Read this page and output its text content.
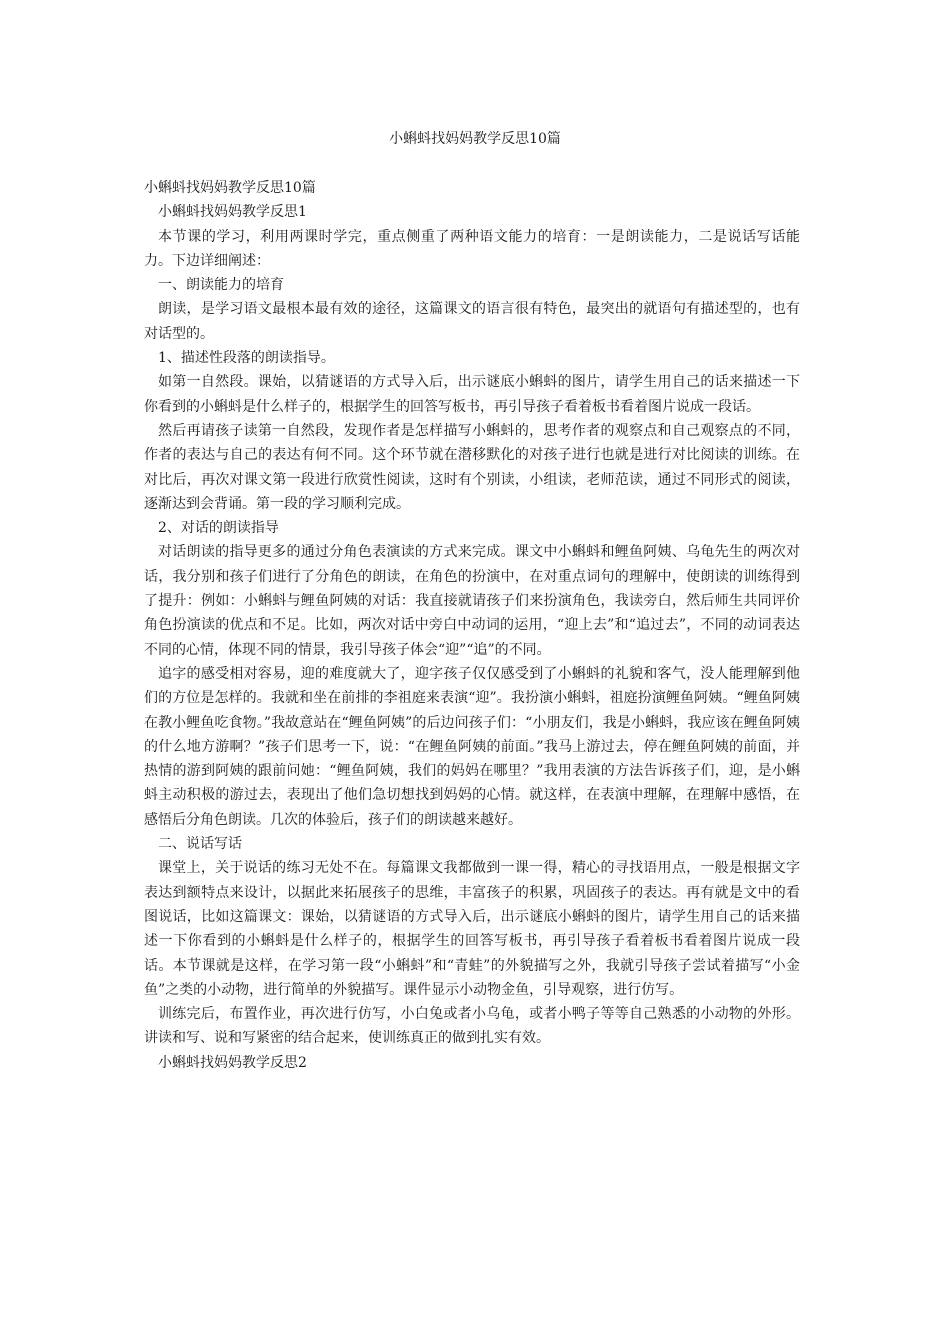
小蝌蚪找妈妈教学反思10篇

小蝌蚪找妈妈教学反思10篇

小蝌蚪找妈妈教学反思1

本节课的学习，利用两课时学完，重点侧重了两种语文能力的培育：一是朗读能力，二是说话写话能力。下边详细阐述：

一、朗读能力的培育

朗读，是学习语文最根本最有效的途径，这篇课文的语言很有特色，最突出的就语句有描述型的，也有对话型的。

1、描述性段落的朗读指导。

如第一自然段。课始，以猜谜语的方式导入后，出示谜底小蝌蚪的图片，请学生用自己的话来描述一下你看到的小蝌蚪是什么样子的，根据学生的回答写板书，再引导孩子看着板书看着图片说成一段话。

然后再请孩子读第一自然段，发现作者是怎样描写小蝌蚪的，思考作者的观察点和自己观察点的不同，作者的表达与自己的表达有何不同。这个环节就在潜移默化的对孩子进行也就是进行对比阅读的训练。在对比后，再次对课文第一段进行欣赏性阅读，这时有个别读，小组读，老师范读，通过不同形式的阅读，逐渐达到会背诵。第一段的学习顺利完成。

2、对话的朗读指导

对话朗读的指导更多的通过分角色表演读的方式来完成。课文中小蝌蚪和鲤鱼阿姨、乌龟先生的两次对话，我分别和孩子们进行了分角色的朗读，在角色的扮演中，在对重点词句的理解中，使朗读的训练得到了提升：例如：小蝌蚪与鲤鱼阿姨的对话：我直接就请孩子们来扮演角色，我读旁白，然后师生共同评价角色扮演读的优点和不足。比如，两次对话中旁白中动词的运用，“迎上去”和“追过去”，不同的动词表达不同的心情，体现不同的情景，我引导孩子体会“迎”“追”的不同。

追字的感受相对容易，迎的难度就大了，迎字孩子仅仅感受到了小蝌蚪的礼貌和客气，没人能理解到他们的方位是怎样的。我就和坐在前排的李祖庭来表演“迎”。我扮演小蝌蚪，祖庭扮演鲤鱼阿姨。“鲤鱼阿姨在教小鲤鱼吃食物。”我故意站在“鲤鱼阿姨”的后边问孩子们：“小朋友们，我是小蝌蚪，我应该在鲤鱼阿姨的什么地方游啊？”孩子们思考一下，说：“在鲤鱼阿姨的前面。”我马上游过去，停在鲤鱼阿姨的前面，并热情的游到阿姨的跟前问她：“鲤鱼阿姨，我们的妈妈在哪里？”我用表演的方法告诉孩子们，迎，是小蝌蚪主动积极的游过去，表现出了他们急切想找到妈妈的心情。就这样，在表演中理解，在理解中感悟，在感悟后分角色朗读。几次的体验后，孩子们的朗读越来越好。

二、说话写话

课堂上，关于说话的练习无处不在。每篇课文我都做到一课一得，精心的寻找语用点，一般是根据文字表达到额特点来设计，以据此来拓展孩子的思维，丰富孩子的积累，巩固孩子的表达。再有就是文中的看图说话，比如这篇课文：课始，以猜谜语的方式导入后，出示谜底小蝌蚪的图片，请学生用自己的话来描述一下你看到的小蝌蚪是什么样子的，根据学生的回答写板书，再引导孩子看着板书看着图片说成一段话。本节课就是这样，在学习第一段“小蝌蚪”和“青蛙”的外貌描写之外，我就引导孩子尝试着描写“小金鱼”之类的小动物，进行简单的外貌描写。课件显示小动物金鱼，引导观察，进行仿写。

训练完后，布置作业，再次进行仿写，小白兔或者小乌龟，或者小鸭子等等自己熟悉的小动物的外形。讲读和写、说和写紧密的结合起来，使训练真正的做到扎实有效。

小蝌蚪找妈妈教学反思2
